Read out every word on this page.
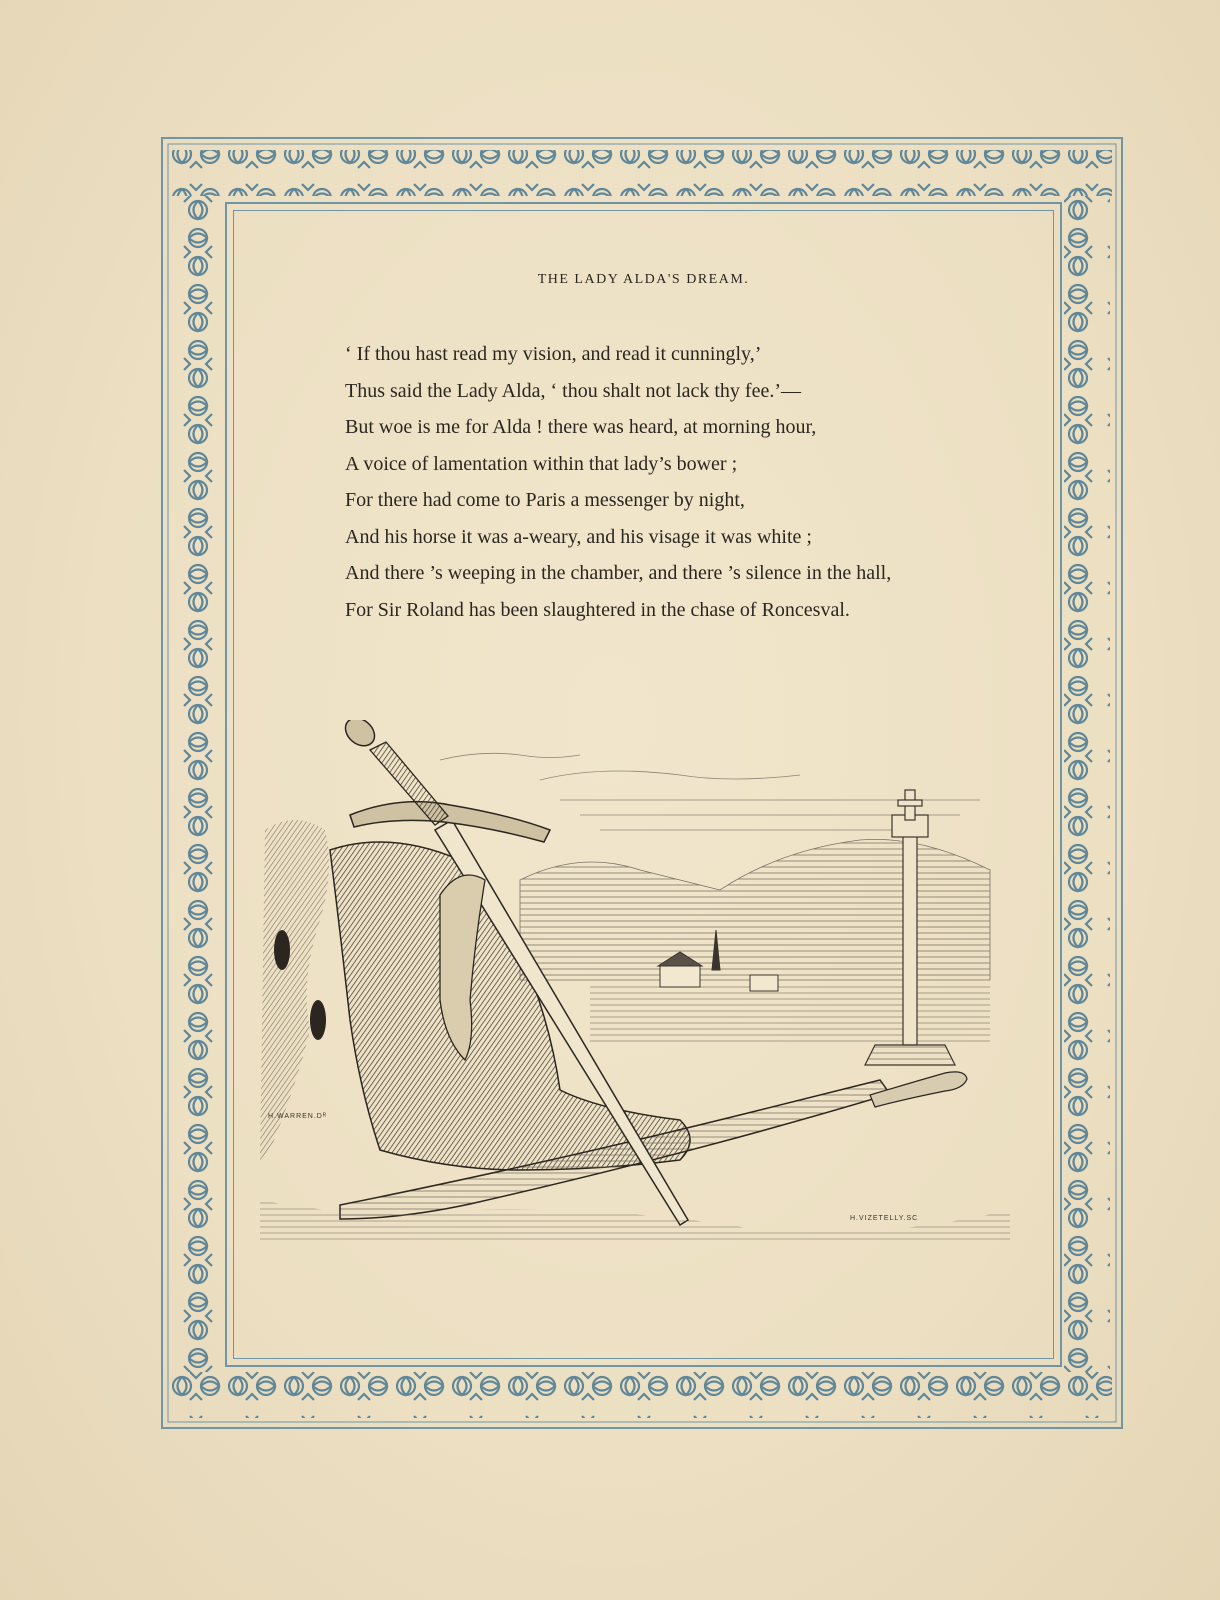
THE LADY ALDA'S DREAM.
‘ If thou hast read my vision, and read it cunningly,’
Thus said the Lady Alda, ‘ thou shalt not lack thy fee.’—
But woe is me for Alda ! there was heard, at morning hour,
A voice of lamentation within that lady’s bower ;
For there had come to Paris a messenger by night,
And his horse it was a-weary, and his visage it was white ;
And there ’s weeping in the chamber, and there ’s silence in the hall,
For Sir Roland has been slaughtered in the chase of Roncesval.
H.WARREN.Dᴿ
H.VIZETELLY.SC
